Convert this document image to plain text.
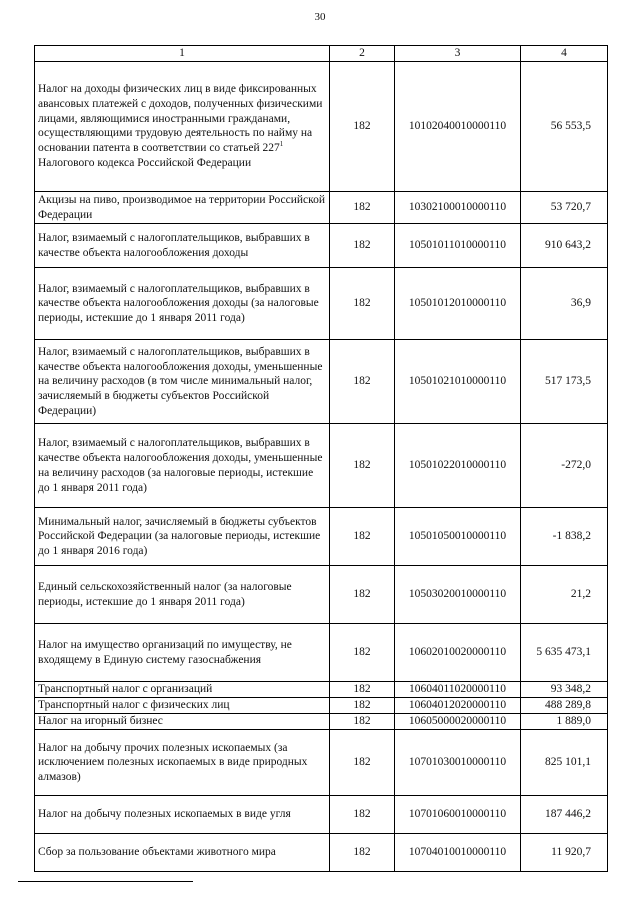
30
1	2	3	4
Налог на доходы физических лиц в виде фиксированных авансовых платежей с доходов, полученных физическими лицами, являющимися иностранными гражданами, осуществляющими трудовую деятельность по найму на основании патента в соответствии со статьей $227^1$ Налогового кодекса Российской Федерации	182	10102040010000110	56 553,5
Акцизы на пиво, производимое на территории Российской Федерации	182	10302100010000110	53 720,7
Налог, взимаемый с налогоплательщиков, выбравших в качестве объекта налогообложения доходы	182	10501011010000110	910 643,2
Налог, взимаемый с налогоплательщиков, выбравших в качестве объекта налогообложения доходы (за налоговые периоды, истекшие до 1 января 2011 года)	182	10501012010000110	36,9
Налог, взимаемый с налогоплательщиков, выбравших в качестве объекта налогообложения доходы, уменьшенные на величину расходов (в том числе минимальный налог, зачисляемый в бюджеты субъектов Российской Федерации)	182	10501021010000110	517 173,5
Налог, взимаемый с налогоплательщиков, выбравших в качестве объекта налогообложения доходы, уменьшенные на величину расходов (за налоговые периоды, истекшие до 1 января 2011 года)	182	10501022010000110	-272,0
Минимальный налог, зачисляемый в бюджеты субъектов Российской Федерации (за налоговые периоды, истекшие до 1 января 2016 года)	182	10501050010000110	-1 838,2
Единый сельскохозяйственный налог (за налоговые периоды, истекшие до 1 января 2011 года)	182	10503020010000110	21,2
Налог на имущество организаций по имуществу, не входящему в Единую систему газоснабжения	182	10602010020000110	5 635 473,1
Транспортный налог с организаций	182	10604011020000110	93 348,2
Транспортный налог с физических лиц	182	10604012020000110	488 289,8
Налог на игорный бизнес	182	10605000020000110	1 889,0
Налог на добычу прочих полезных ископаемых (за исключением полезных ископаемых в виде природных алмазов)	182	10701030010000110	825 101,1
Налог на добычу полезных ископаемых в виде угля	182	10701060010000110	187 446,2
Сбор за пользование объектами животного мира	182	10704010010000110	11 920,7
